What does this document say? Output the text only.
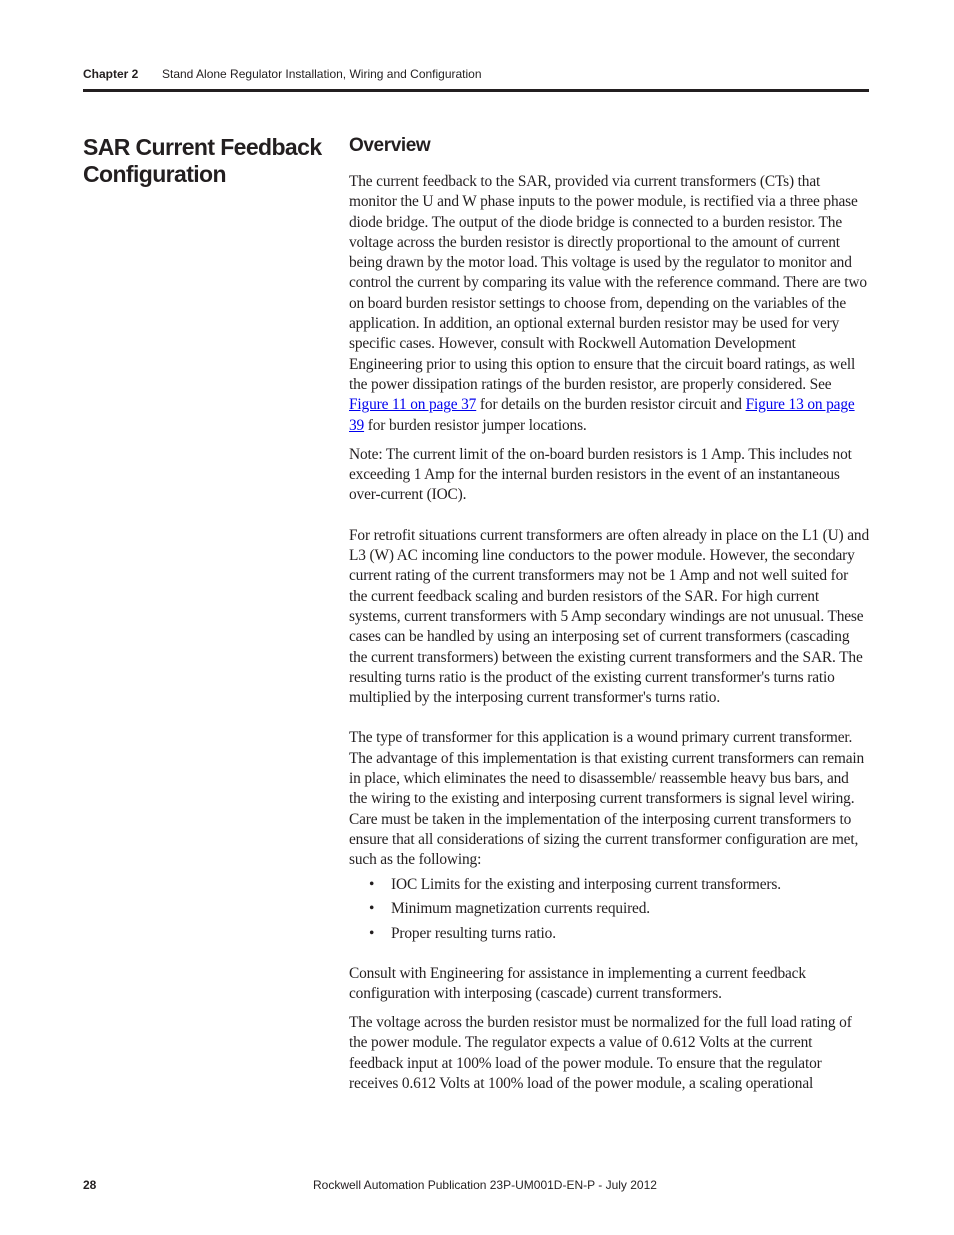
Chapter 2 Stand Alone Regulator Installation, Wiring and Configuration
SAR Current Feedback Configuration
Overview

The current feedback to the SAR, provided via current transformers (CTs) that monitor the U and W phase inputs to the power module, is rectified via a three phase diode bridge. The output of the diode bridge is connected to a burden resistor. The voltage across the burden resistor is directly proportional to the amount of current being drawn by the motor load. This voltage is used by the regulator to monitor and control the current by comparing its value with the reference command. There are two on board burden resistor settings to choose from, depending on the variables of the application. In addition, an optional external burden resistor may be used for very specific cases. However, consult with Rockwell Automation Development Engineering prior to using this option to ensure that the circuit board ratings, as well the power dissipation ratings of the burden resistor, are properly considered. See Figure 11 on page 37 for details on the burden resistor circuit and Figure 13 on page 39 for burden resistor jumper locations.

Note: The current limit of the on-board burden resistors is 1 Amp. This includes not exceeding 1 Amp for the internal burden resistors in the event of an instantaneous over-current (IOC).

For retrofit situations current transformers are often already in place on the L1 (U) and L3 (W) AC incoming line conductors to the power module. However, the secondary current rating of the current transformers may not be 1 Amp and not well suited for the current feedback scaling and burden resistors of the SAR. For high current systems, current transformers with 5 Amp secondary windings are not unusual. These cases can be handled by using an interposing set of current transformers (cascading the current transformers) between the existing current transformers and the SAR. The resulting turns ratio is the product of the existing current transformer's turns ratio multiplied by the interposing current transformer's turns ratio.

The type of transformer for this application is a wound primary current transformer. The advantage of this implementation is that existing current transformers can remain in place, which eliminates the need to disassemble/ reassemble heavy bus bars, and the wiring to the existing and interposing current transformers is signal level wiring. Care must be taken in the implementation of the interposing current transformers to ensure that all considerations of sizing the current transformer configuration are met, such as the following:

• IOC Limits for the existing and interposing current transformers.
• Minimum magnetization currents required.
• Proper resulting turns ratio.

Consult with Engineering for assistance in implementing a current feedback configuration with interposing (cascade) current transformers.

The voltage across the burden resistor must be normalized for the full load rating of the power module. The regulator expects a value of 0.612 Volts at the current feedback input at 100% load of the power module. To ensure that the regulator receives 0.612 Volts at 100% load of the power module, a scaling operational

28	Rockwell Automation Publication 23P-UM001D-EN-P - July 2012
